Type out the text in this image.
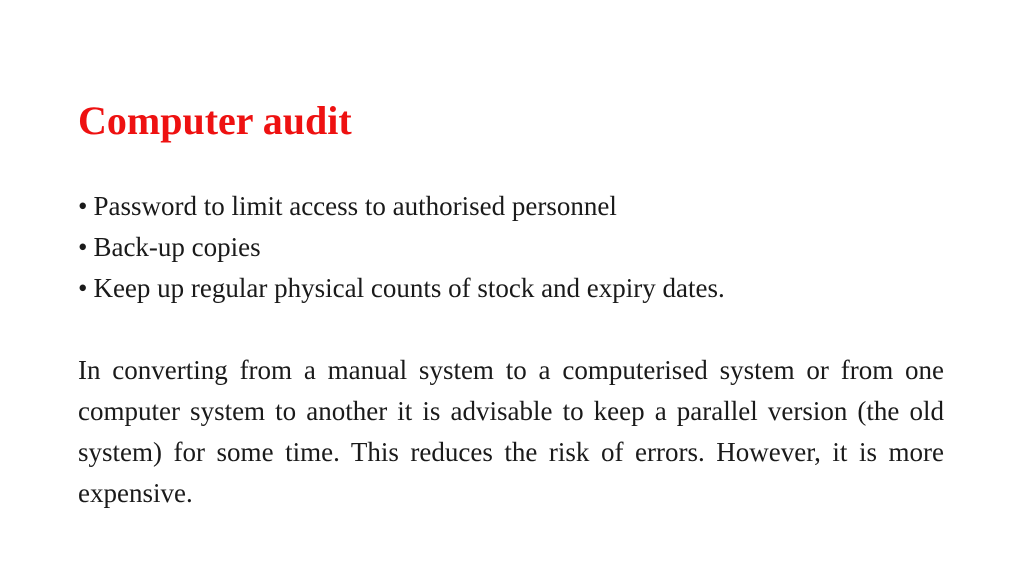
Computer audit
• Password to limit access to authorised personnel
• Back-up copies
• Keep up regular physical counts of stock and expiry dates.

In converting from a manual system to a computerised system or from one computer system to another it is advisable to keep a parallel version (the old system) for some time. This reduces the risk of errors. However, it is more expensive.
